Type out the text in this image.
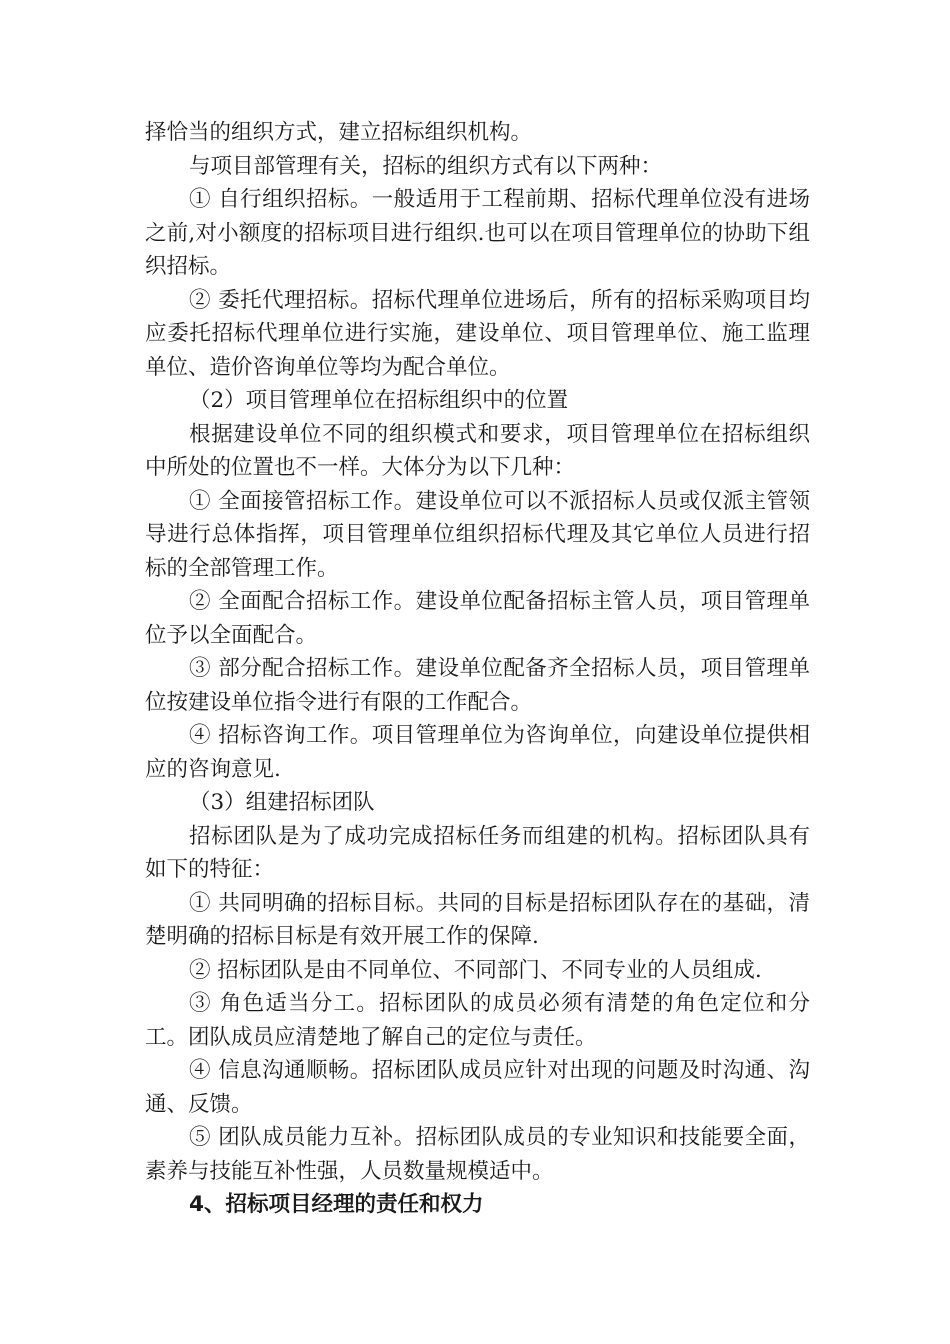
择恰当的组织方式，建立招标组织机构。

与项目部管理有关，招标的组织方式有以下两种：

① 自行组织招标。一般适用于工程前期、招标代理单位没有进场之前,对小额度的招标项目进行组织.也可以在项目管理单位的协助下组织招标。

② 委托代理招标。招标代理单位进场后，所有的招标采购项目均应委托招标代理单位进行实施，建设单位、项目管理单位、施工监理单位、造价咨询单位等均为配合单位。

（2）项目管理单位在招标组织中的位置

根据建设单位不同的组织模式和要求，项目管理单位在招标组织中所处的位置也不一样。大体分为以下几种：

① 全面接管招标工作。建设单位可以不派招标人员或仅派主管领导进行总体指挥，项目管理单位组织招标代理及其它单位人员进行招标的全部管理工作。

② 全面配合招标工作。建设单位配备招标主管人员，项目管理单位予以全面配合。

③ 部分配合招标工作。建设单位配备齐全招标人员，项目管理单位按建设单位指令进行有限的工作配合。

④ 招标咨询工作。项目管理单位为咨询单位，向建设单位提供相应的咨询意见.

（3）组建招标团队

招标团队是为了成功完成招标任务而组建的机构。招标团队具有如下的特征：

① 共同明确的招标目标。共同的目标是招标团队存在的基础，清楚明确的招标目标是有效开展工作的保障.

② 招标团队是由不同单位、不同部门、不同专业的人员组成.

③ 角色适当分工。招标团队的成员必须有清楚的角色定位和分工。团队成员应清楚地了解自己的定位与责任。

④ 信息沟通顺畅。招标团队成员应针对出现的问题及时沟通、沟通、反馈。

⑤ 团队成员能力互补。招标团队成员的专业知识和技能要全面，素养与技能互补性强，人员数量规模适中。

4、招标项目经理的责任和权力
